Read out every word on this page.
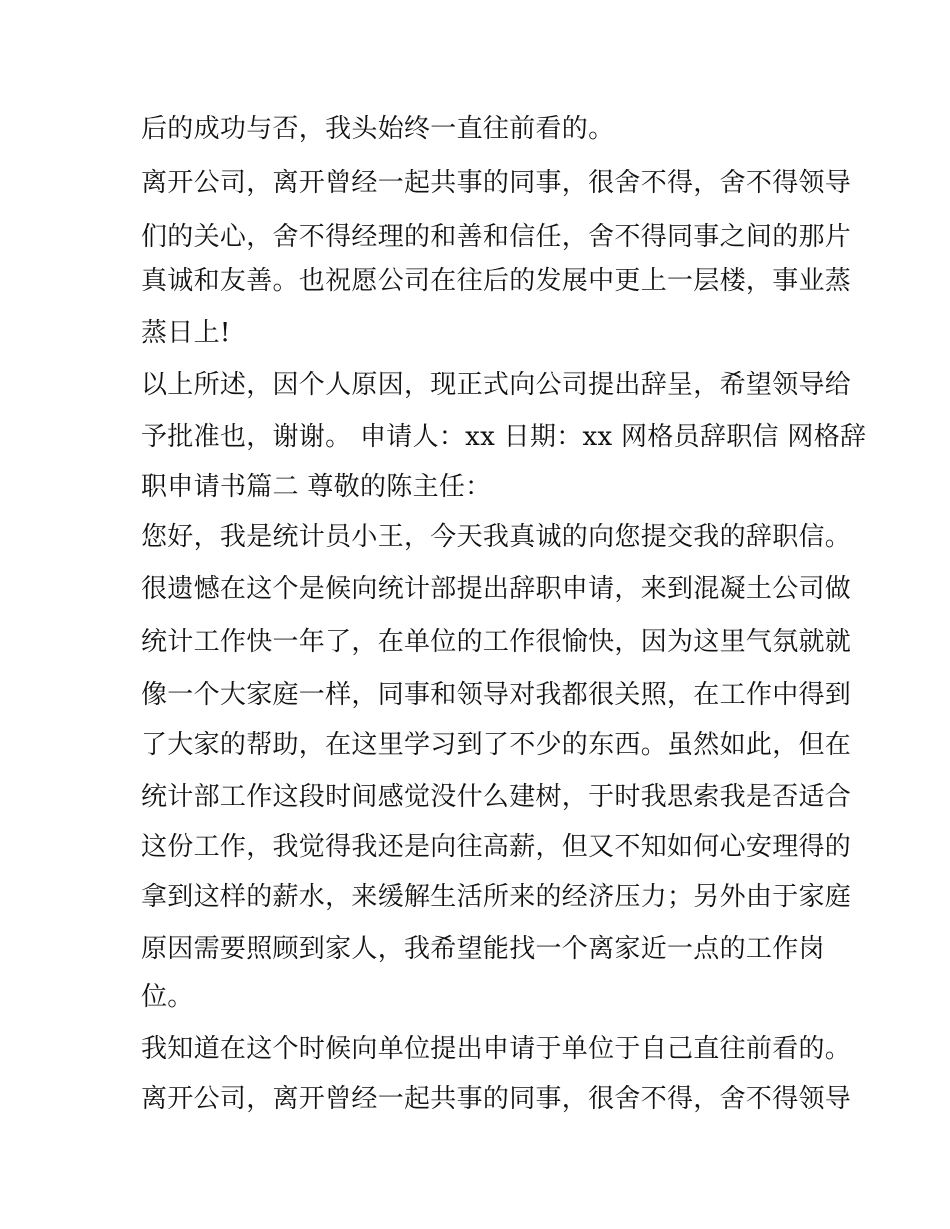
后的成功与否，我头始终一直往前看的。
离开公司，离开曾经一起共事的同事，很舍不得，舍不得领导
们的关心，舍不得经理的和善和信任，舍不得同事之间的那片
真诚和友善。也祝愿公司在往后的发展中更上一层楼，事业蒸
蒸日上!
以上所述，因个人原因，现正式向公司提出辞呈，希望领导给
予批准也，谢谢。 申请人：xx 日期：xx 网格员辞职信 网格辞
职申请书篇二 尊敬的陈主任：
您好，我是统计员小王，今天我真诚的向您提交我的辞职信。
很遗憾在这个是候向统计部提出辞职申请，来到混凝土公司做
统计工作快一年了，在单位的工作很愉快，因为这里气氛就就
像一个大家庭一样，同事和领导对我都很关照，在工作中得到
了大家的帮助，在这里学习到了不少的东西。虽然如此，但在
统计部工作这段时间感觉没什么建树，于时我思索我是否适合
这份工作，我觉得我还是向往高薪，但又不知如何心安理得的
拿到这样的薪水，来缓解生活所来的经济压力；另外由于家庭
原因需要照顾到家人，我希望能找一个离家近一点的工作岗
位。
我知道在这个时候向单位提出申请于单位于自己直往前看的。
离开公司，离开曾经一起共事的同事，很舍不得，舍不得领导
